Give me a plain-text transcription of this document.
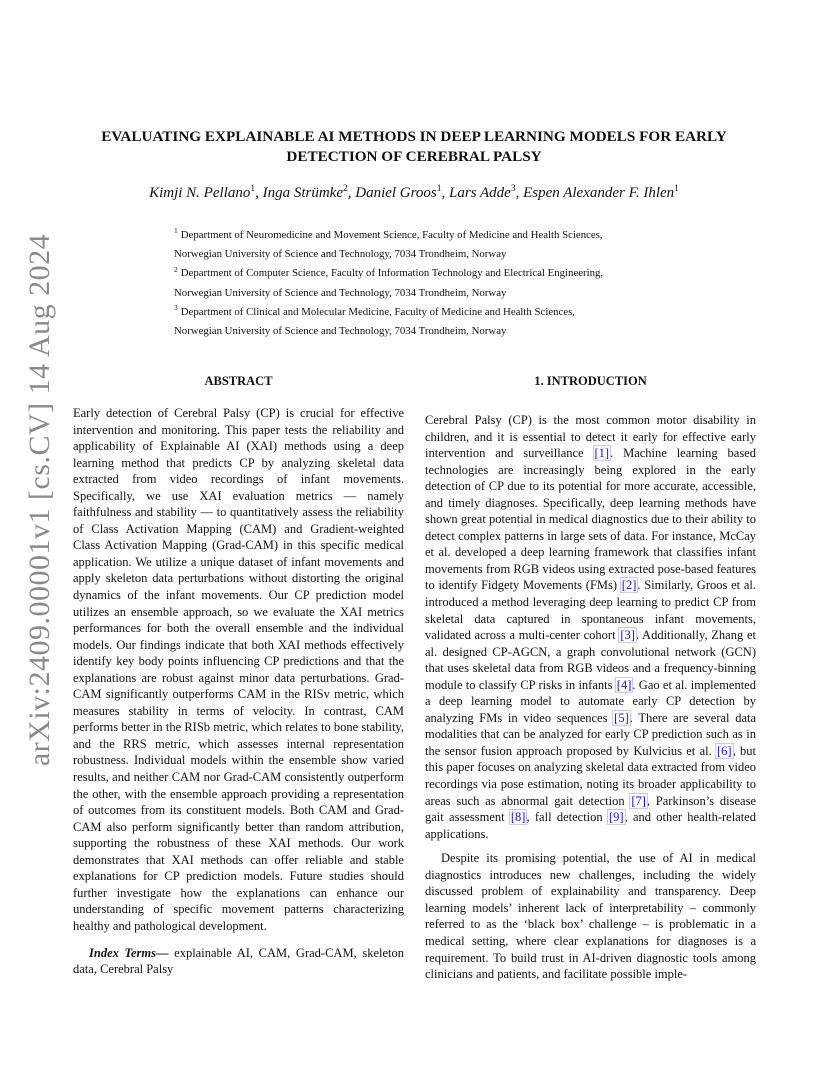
arXiv:2409.00001v1 [cs.CV] 14 Aug 2024
EVALUATING EXPLAINABLE AI METHODS IN DEEP LEARNING MODELS FOR EARLY
DETECTION OF CEREBRAL PALSY

Kimji N. Pellano$^1$, Inga Strümke$^2$, Daniel Groos$^1$, Lars Adde$^3$, Espen Alexander F. Ihlen$^1$

$^1$ Department of Neuromedicine and Movement Science, Faculty of Medicine and Health Sciences,
Norwegian University of Science and Technology, 7034 Trondheim, Norway
$^2$ Department of Computer Science, Faculty of Information Technology and Electrical Engineering,
Norwegian University of Science and Technology, 7034 Trondheim, Norway
$^3$ Department of Clinical and Molecular Medicine, Faculty of Medicine and Health Sciences,
Norwegian University of Science and Technology, 7034 Trondheim, Norway
ABSTRACT	1. INTRODUCTION

Early detection of Cerebral Palsy (CP) is crucial for effective intervention and monitoring. This paper tests the reliability and applicability of Explainable AI (XAI) methods using a deep learning method that predicts CP by analyzing skeletal data extracted from video recordings of infant movements. Specifically, we use XAI evaluation metrics — namely faithfulness and stability — to quantitatively assess the reliability of Class Activation Mapping (CAM) and Gradient-weighted Class Activation Mapping (Grad-CAM) in this specific medical application. We utilize a unique dataset of infant movements and apply skeleton data perturbations without distorting the original dynamics of the infant movements. Our CP prediction model utilizes an ensemble approach, so we evaluate the XAI metrics performances for both the overall ensemble and the individual models. Our findings indicate that both XAI methods effectively identify key body points influencing CP predictions and that the explanations are robust against minor data perturbations. Grad-CAM significantly outperforms CAM in the RISv metric, which measures stability in terms of velocity. In contrast, CAM performs better in the RISb metric, which relates to bone stability, and the RRS metric, which assesses internal representation robustness. Individual models within the ensemble show varied results, and neither CAM nor Grad-CAM consistently outperform the other, with the ensemble approach providing a representation of outcomes from its constituent models. Both CAM and Grad-CAM also perform significantly better than random attribution, supporting the robustness of these XAI methods. Our work demonstrates that XAI methods can offer reliable and stable explanations for CP prediction models. Future studies should further investigate how the explanations can enhance our understanding of specific movement patterns characterizing healthy and pathological development.

Index Terms— explainable AI, CAM, Grad-CAM, skeleton data, Cerebral Palsy

Cerebral Palsy (CP) is the most common motor disability in children, and it is essential to detect it early for effective early intervention and surveillance [1]. Machine learning based technologies are increasingly being explored in the early detection of CP due to its potential for more accurate, accessible, and timely diagnoses. Specifically, deep learning methods have shown great potential in medical diagnostics due to their ability to detect complex patterns in large sets of data. For instance, McCay et al. developed a deep learning framework that classifies infant movements from RGB videos using extracted pose-based features to identify Fidgety Movements (FMs) [2]. Similarly, Groos et al. introduced a method leveraging deep learning to predict CP from skeletal data captured in spontaneous infant movements, validated across a multi-center cohort [3]. Additionally, Zhang et al. designed CP-AGCN, a graph convolutional network (GCN) that uses skeletal data from RGB videos and a frequency-binning module to classify CP risks in infants [4]. Gao et al. implemented a deep learning model to automate early CP detection by analyzing FMs in video sequences [5]. There are several data modalities that can be analyzed for early CP prediction such as in the sensor fusion approach proposed by Kulvicius et al. [6], but this paper focuses on analyzing skeletal data extracted from video recordings via pose estimation, noting its broader applicability to areas such as abnormal gait detection [7], Parkinson’s disease gait assessment [8], fall detection [9], and other health-related applications.

Despite its promising potential, the use of AI in medical diagnostics introduces new challenges, including the widely discussed problem of explainability and transparency. Deep learning models’ inherent lack of interpretability – commonly referred to as the ‘black box’ challenge – is problematic in a medical setting, where clear explanations for diagnoses is a requirement. To build trust in AI-driven diagnostic tools among clinicians and patients, and facilitate possible imple-
